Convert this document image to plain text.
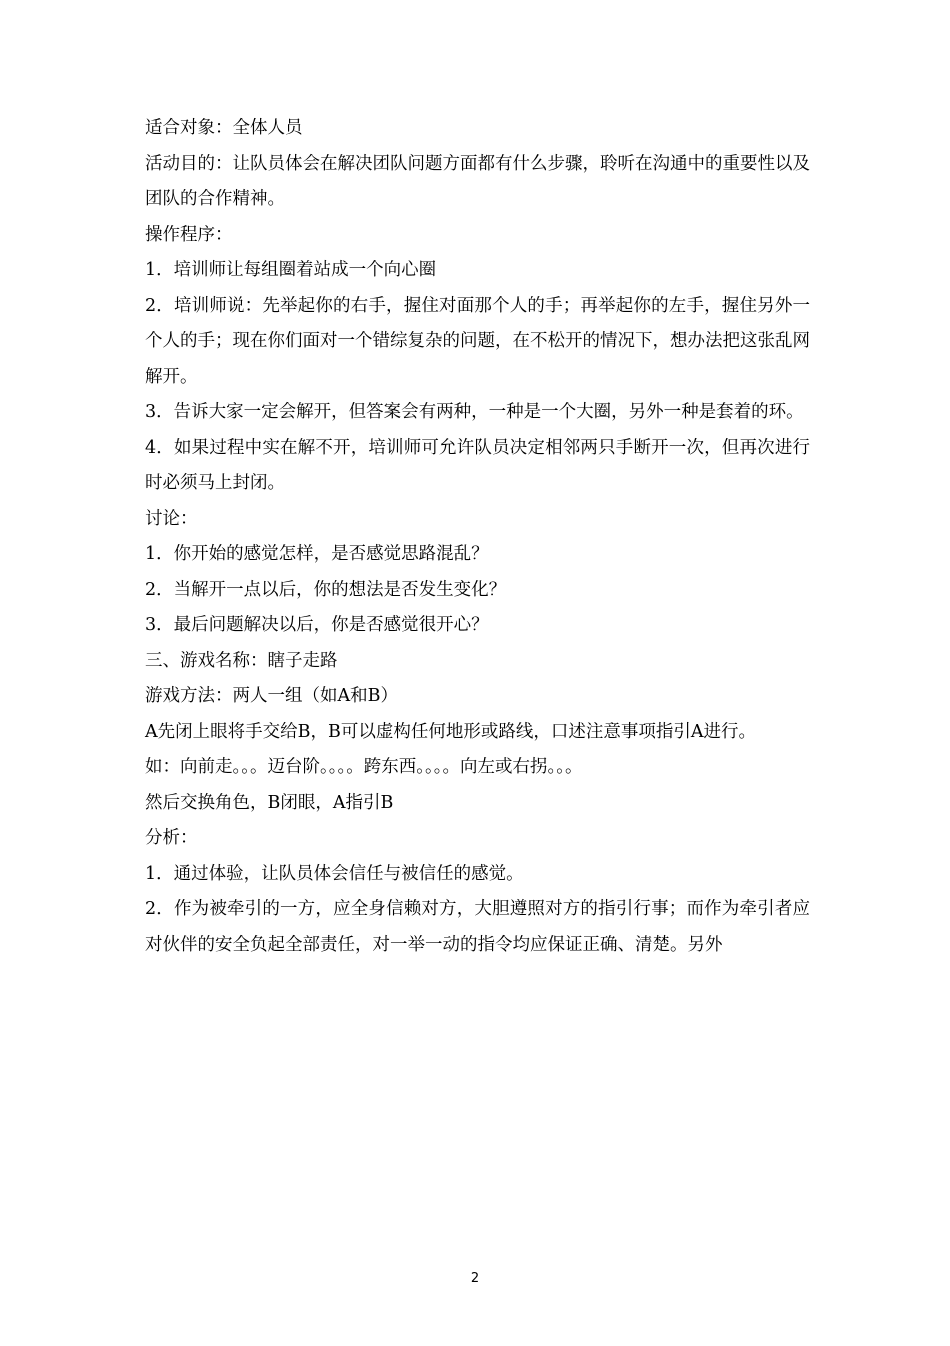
适合对象：全体人员

活动目的：让队员体会在解决团队问题方面都有什么步骤，聆听在沟通中的重要性以及团队的合作精神。

操作程序：

1．培训师让每组圈着站成一个向心圈

2．培训师说：先举起你的右手，握住对面那个人的手；再举起你的左手，握住另外一个人的手；现在你们面对一个错综复杂的问题，在不松开的情况下，想办法把这张乱网解开。

3．告诉大家一定会解开，但答案会有两种，一种是一个大圈，另外一种是套着的环。

4．如果过程中实在解不开，培训师可允许队员决定相邻两只手断开一次，但再次进行时必须马上封闭。

讨论：

1．你开始的感觉怎样，是否感觉思路混乱？

2．当解开一点以后，你的想法是否发生变化？

3．最后问题解决以后，你是否感觉很开心？

三、游戏名称：瞎子走路

游戏方法：两人一组（如A和B）

A先闭上眼将手交给B，B可以虚构任何地形或路线，口述注意事项指引A进行。

如：向前走。。。迈台阶。。。。跨东西。。。。向左或右拐。。。

然后交换角色，B闭眼，A指引B

分析：

1．通过体验，让队员体会信任与被信任的感觉。

2．作为被牵引的一方，应全身信赖对方，大胆遵照对方的指引行事；而作为牵引者应对伙伴的安全负起全部责任，对一举一动的指令均应保证正确、清楚。另外

2
